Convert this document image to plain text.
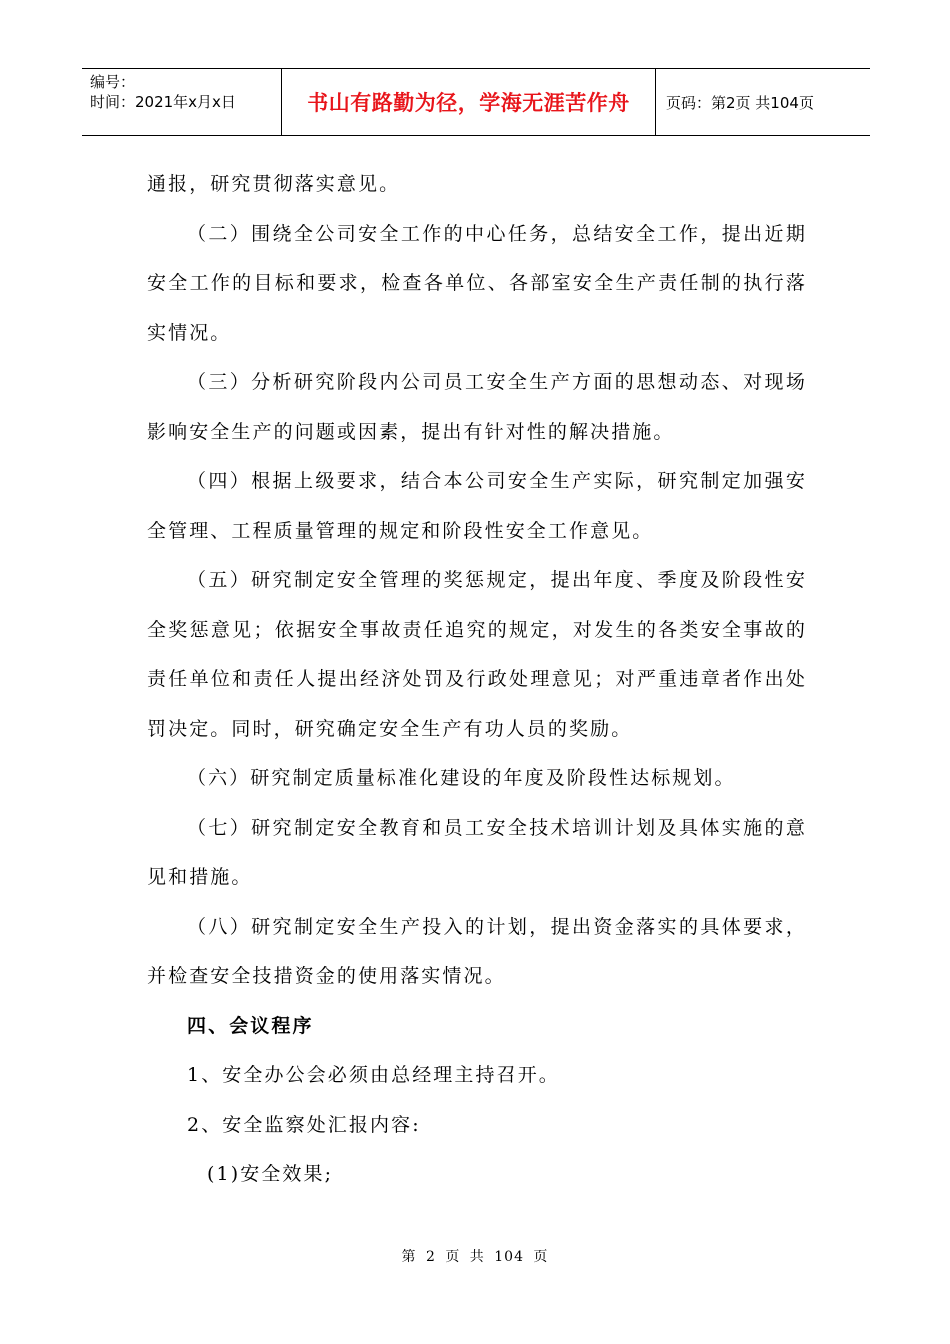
编号：
时间：2021年x月x日	书山有路勤为径，学海无涯苦作舟	页码：第2页 共104页

通报，研究贯彻落实意见。

（二）围绕全公司安全工作的中心任务，总结安全工作，提出近期安全工作的目标和要求，检查各单位、各部室安全生产责任制的执行落实情况。

（三）分析研究阶段内公司员工安全生产方面的思想动态、对现场影响安全生产的问题或因素，提出有针对性的解决措施。

（四）根据上级要求，结合本公司安全生产实际，研究制定加强安全管理、工程质量管理的规定和阶段性安全工作意见。

（五）研究制定安全管理的奖惩规定，提出年度、季度及阶段性安全奖惩意见；依据安全事故责任追究的规定，对发生的各类安全事故的责任单位和责任人提出经济处罚及行政处理意见；对严重违章者作出处罚决定。同时，研究确定安全生产有功人员的奖励。

（六）研究制定质量标准化建设的年度及阶段性达标规划。

（七）研究制定安全教育和员工安全技术培训计划及具体实施的意见和措施。

（八）研究制定安全生产投入的计划，提出资金落实的具体要求，并检查安全技措资金的使用落实情况。

四、会议程序

1、安全办公会必须由总经理主持召开。

2、安全监察处汇报内容:

(1)安全效果;

第 2 页 共 104 页
